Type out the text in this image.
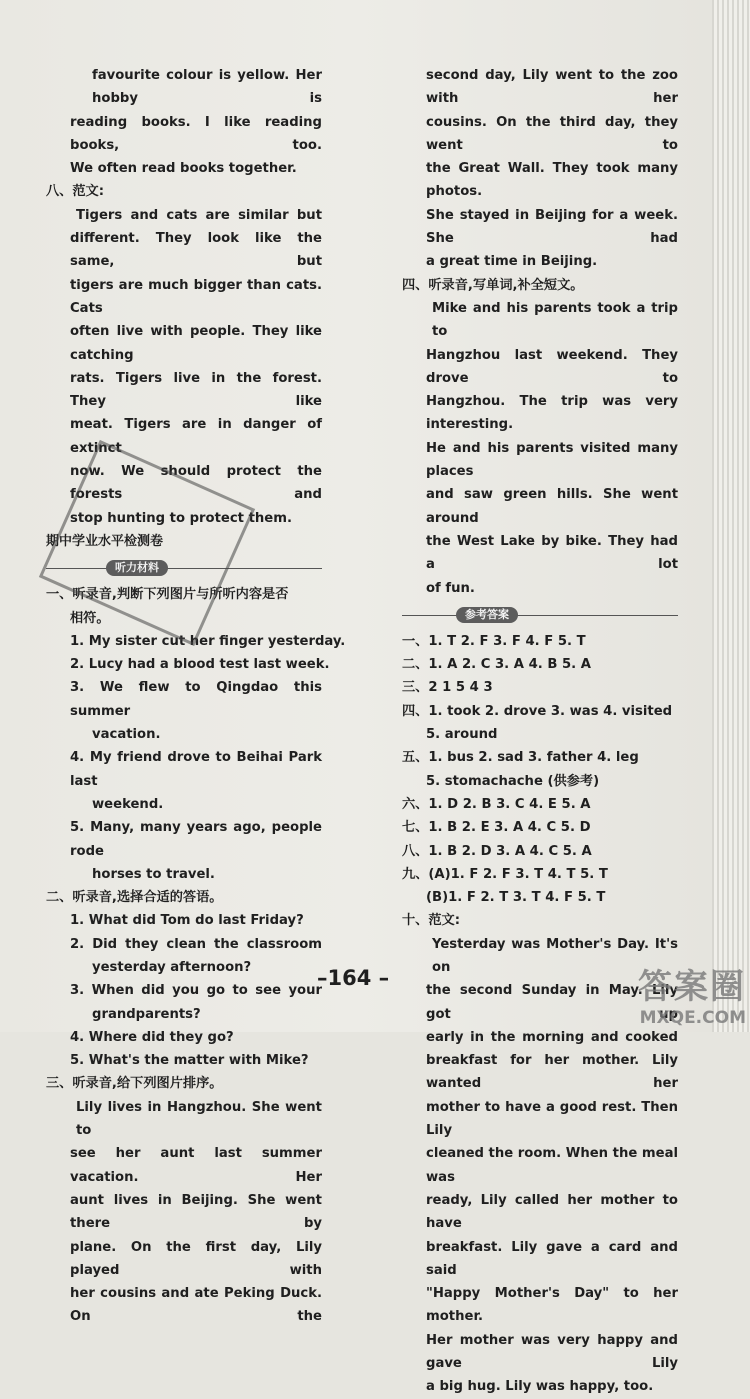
favourite colour is yellow. Her hobby is
reading books. I like reading books, too.
We often read books together.
八、范文:
Tigers and cats are similar but
different. They look like the same, but
tigers are much bigger than cats. Cats
often live with people. They like catching
rats. Tigers live in the forest. They like
meat. Tigers are in danger of extinct
now. We should protect the forests and
stop hunting to protect them.
期中学业水平检测卷
听力材料
一、听录音,判断下列图片与所听内容是否
相符。
1. My sister cut her finger yesterday.
2. Lucy had a blood test last week.
3. We flew to Qingdao this summer
vacation.
4. My friend drove to Beihai Park last
weekend.
5. Many, many years ago, people rode
horses to travel.
二、听录音,选择合适的答语。
1. What did Tom do last Friday?
2. Did they clean the classroom
yesterday afternoon?
3. When did you go to see your
grandparents?
4. Where did they go?
5. What's the matter with Mike?
三、听录音,给下列图片排序。
Lily lives in Hangzhou. She went to
see her aunt last summer vacation. Her
aunt lives in Beijing. She went there by
plane. On the first day, Lily played with
her cousins and ate Peking Duck. On the
second day, Lily went to the zoo with her
cousins. On the third day, they went to
the Great Wall. They took many photos.
She stayed in Beijing for a week. She had
a great time in Beijing.
四、听录音,写单词,补全短文。
Mike and his parents took a trip to
Hangzhou last weekend. They drove to
Hangzhou. The trip was very interesting.
He and his parents visited many places
and saw green hills. She went around
the West Lake by bike. They had a lot
of fun.
参考答案
一、1. T 2. F 3. F 4. F 5. T
二、1. A 2. C 3. A 4. B 5. A
三、2 1 5 4 3
四、1. took 2. drove 3. was 4. visited
5. around
五、1. bus 2. sad 3. father 4. leg
5. stomachache (供参考)
六、1. D 2. B 3. C 4. E 5. A
七、1. B 2. E 3. A 4. C 5. D
八、1. B 2. D 3. A 4. C 5. A
九、(A)1. F 2. F 3. T 4. T 5. T
(B)1. F 2. T 3. T 4. F 5. T
十、范文:
Yesterday was Mother's Day. It's on
the second Sunday in May. Lily got up
early in the morning and cooked
breakfast for her mother. Lily wanted her
mother to have a good rest. Then Lily
cleaned the room. When the meal was
ready, Lily called her mother to have
breakfast. Lily gave a card and said
"Happy Mother's Day" to her mother.
Her mother was very happy and gave Lily
a big hug. Lily was happy, too.
–164 –	答案圈
MXQE.COM
